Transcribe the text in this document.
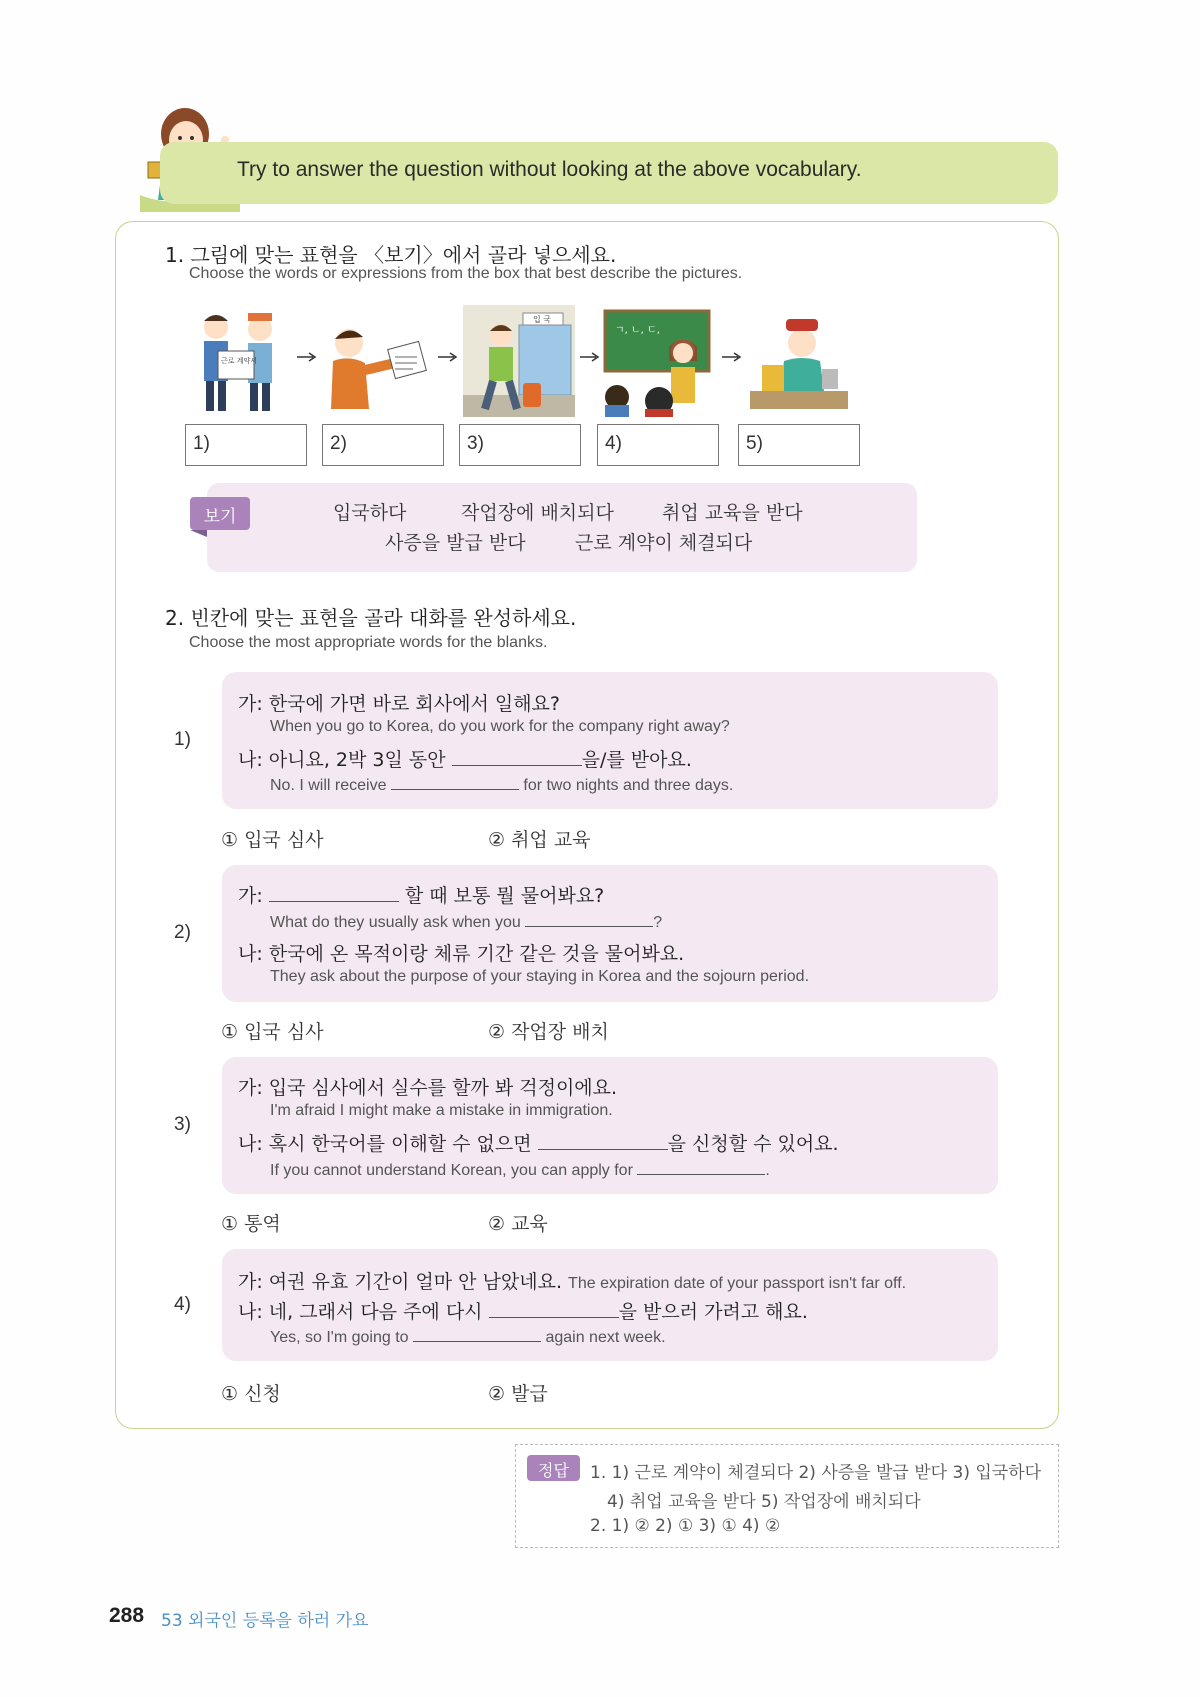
Try to answer the question without looking at the above vocabulary.
1. 그림에 맞는 표현을 〈보기〉에서 골라 넣으세요.
Choose the words or expressions from the box that best describe the pictures.
근로 계약서
입 국
ㄱ, ㄴ, ㄷ,
1)	2)	3)	4)	5)
보기	입국하다	작업장에 배치되다	취업 교육을 받다
사증을 발급 받다	근로 계약이 체결되다
2. 빈칸에 맞는 표현을 골라 대화를 완성하세요.
Choose the most appropriate words for the blanks.
1)
가: 한국에 가면 바로 회사에서 일해요?
When you go to Korea, do you work for the company right away?
나: 아니요, 2박 3일 동안	을/를 받아요.
No. I will receive	for two nights and three days.
① 입국 심사	② 취업 교육
2)
가:	할 때 보통 뭘 물어봐요?
What do they usually ask when you	?
나: 한국에 온 목적이랑 체류 기간 같은 것을 물어봐요.
They ask about the purpose of your staying in Korea and the sojourn period.
① 입국 심사	② 작업장 배치
3)
가: 입국 심사에서 실수를 할까 봐 걱정이에요.
I'm afraid I might make a mistake in immigration.
나: 혹시 한국어를 이해할 수 없으면	을 신청할 수 있어요.
If you cannot understand Korean, you can apply for	.
① 통역	② 교육
4)
가: 여권 유효 기간이 얼마 안 남았네요. The expiration date of your passport isn't far off.
나: 네, 그래서 다음 주에 다시	을 받으러 가려고 해요.
Yes, so I'm going to	again next week.
① 신청	② 발급
정답	1. 1) 근로 계약이 체결되다 2) 사증을 발급 받다 3) 입국하다
4) 취업 교육을 받다 5) 작업장에 배치되다
2. 1) ② 2) ① 3) ① 4) ②
288 53 외국인 등록을 하러 가요
